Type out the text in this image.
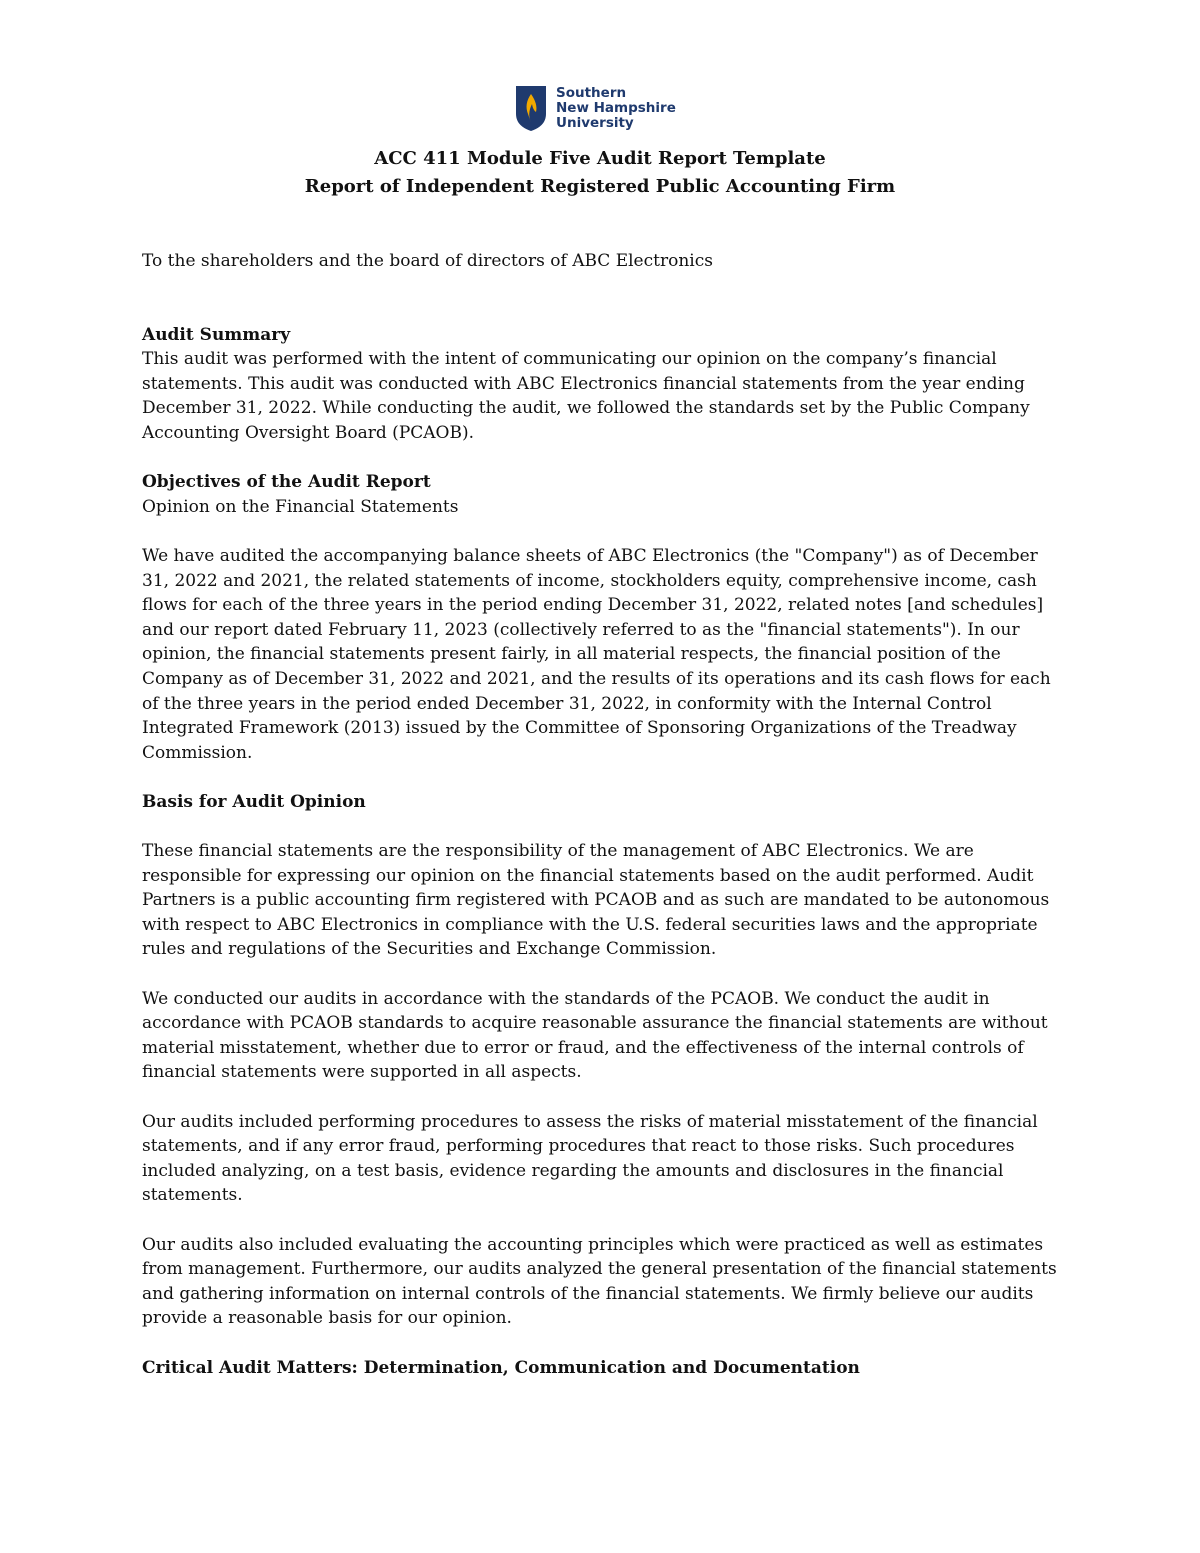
Southern
New Hampshire
University
ACC 411 Module Five Audit Report Template
Report of Independent Registered Public Accounting Firm

To the shareholders and the board of directors of ABC Electronics

Audit Summary

This audit was performed with the intent of communicating our opinion on the company’s financial

statements. This audit was conducted with ABC Electronics financial statements from the year ending

December 31, 2022. While conducting the audit, we followed the standards set by the Public Company

Accounting Oversight Board (PCAOB).

Objectives of the Audit Report

Opinion on the Financial Statements

We have audited the accompanying balance sheets of ABC Electronics (the "Company") as of December

31, 2022 and 2021, the related statements of income, stockholders equity, comprehensive income, cash

flows for each of the three years in the period ending December 31, 2022, related notes [and schedules]

and our report dated February 11, 2023 (collectively referred to as the "financial statements"). In our

opinion, the financial statements present fairly, in all material respects, the financial position of the

Company as of December 31, 2022 and 2021, and the results of its operations and its cash flows for each

of the three years in the period ended December 31, 2022, in conformity with the Internal Control

Integrated Framework (2013) issued by the Committee of Sponsoring Organizations of the Treadway

Commission.

Basis for Audit Opinion

These financial statements are the responsibility of the management of ABC Electronics. We are

responsible for expressing our opinion on the financial statements based on the audit performed. Audit

Partners is a public accounting firm registered with PCAOB and as such are mandated to be autonomous

with respect to ABC Electronics in compliance with the U.S. federal securities laws and the appropriate

rules and regulations of the Securities and Exchange Commission.

We conducted our audits in accordance with the standards of the PCAOB. We conduct the audit in

accordance with PCAOB standards to acquire reasonable assurance the financial statements are without

material misstatement, whether due to error or fraud, and the effectiveness of the internal controls of

financial statements were supported in all aspects.

Our audits included performing procedures to assess the risks of material misstatement of the financial

statements, and if any error fraud, performing procedures that react to those risks. Such procedures

included analyzing, on a test basis, evidence regarding the amounts and disclosures in the financial

statements.

Our audits also included evaluating the accounting principles which were practiced as well as estimates

from management. Furthermore, our audits analyzed the general presentation of the financial statements

and gathering information on internal controls of the financial statements. We firmly believe our audits

provide a reasonable basis for our opinion.

Critical Audit Matters: Determination, Communication and Documentation
